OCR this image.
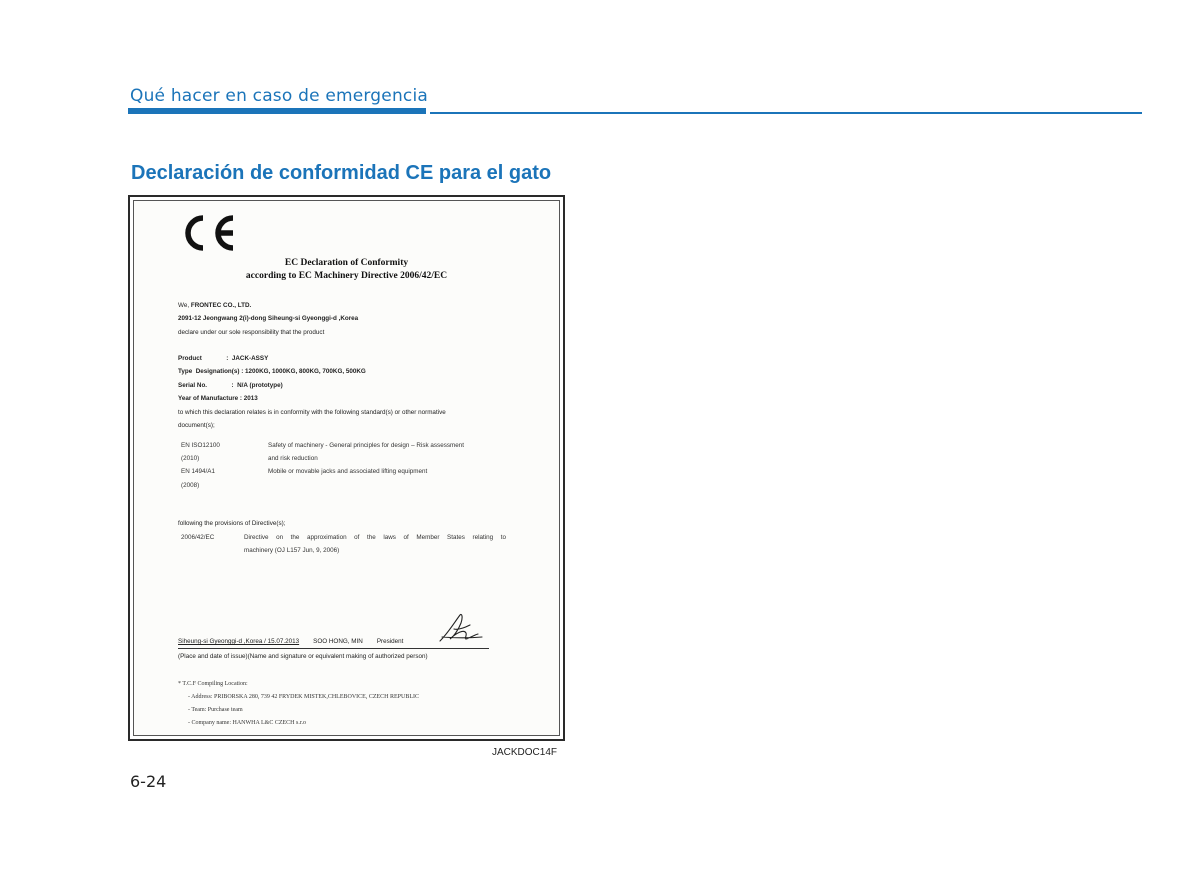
Qué hacer en caso de emergencia
Declaración de conformidad CE para el gato
EC Declaration of Conformity
according to EC Machinery Directive 2006/42/EC
We, FRONTEC CO., LTD.
2091-12 Jeongwang 2(i)-dong Siheung-si Gyeonggi-d ,Korea
declare under our sole responsibility that the product
Product              :  JACK-ASSY
Type  Designation(s) : 1200KG, 1000KG, 800KG, 700KG, 500KG
Serial No.              :  N/A (prototype)
Year of Manufacture : 2013
to which this declaration relates is in conformity with the following standard(s) or other normative
document(s);
EN ISO12100	Safety of machinery - General principles for design – Risk assessment
(2010)	and risk reduction
EN 1494/A1	Mobile or movable jacks and associated lifting equipment
(2008)
following the provisions of Directive(s);
2006/42/EC	Directive  on  the  approximation  of  the  laws  of  Member  States  relating  to
machinery (OJ L157 Jun, 9, 2006)
Siheung-si Gyeonggi-d ,Korea / 15.07.2013 SOO HONG, MIN President
(Place and date of issue)(Name and signature or equivalent making of authorized person)
* T.C.F Compiling Location:
- Address: PRIBORSKA 280, 739 42 FRYDEK MISTEK,CHLEBOVICE, CZECH REPUBLIC
- Team: Purchase team
- Company name: HANWHA L&C CZECH s.r.o
JACKDOC14F
6-24
